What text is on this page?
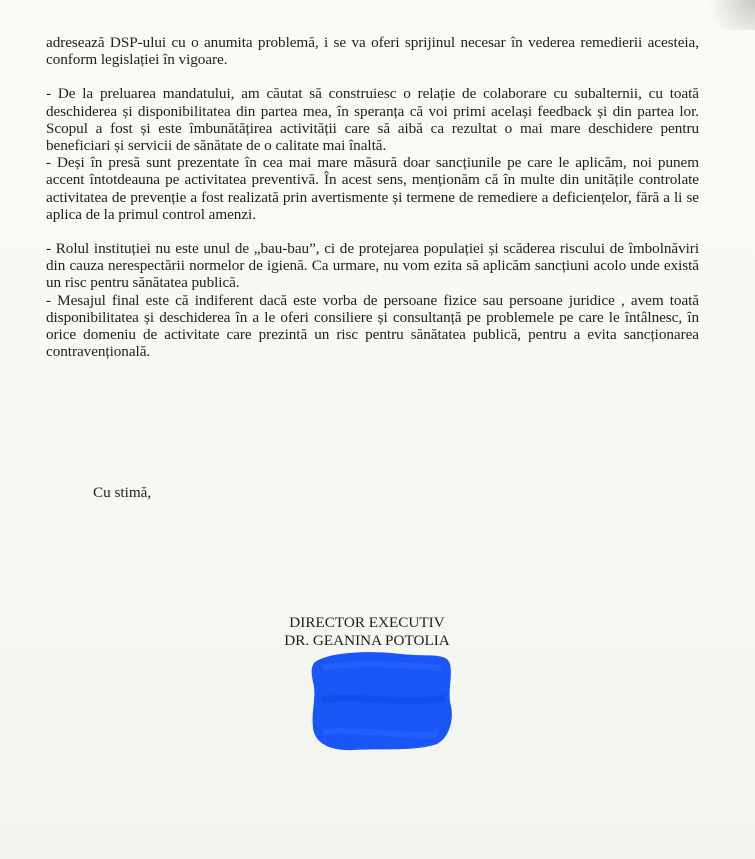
adresează DSP-ului cu o anumita problemă, i se va oferi sprijinul necesar în vederea remedierii acesteia, conform legislației în vigoare.

- De la preluarea mandatului, am căutat să construiesc o relație de colaborare cu subalternii, cu toată deschiderea și disponibilitatea din partea mea, în speranța că voi primi același feedback și din partea lor. Scopul a fost și este îmbunătățirea activității care să aibă ca rezultat o mai mare deschidere pentru beneficiari și servicii de sănătate de o calitate mai înaltă.

- Deși în presă sunt prezentate în cea mai mare măsură doar sancțiunile pe care le aplicăm, noi punem accent întotdeauna pe activitatea preventivă. În acest sens, menționăm că în multe din unitățile controlate activitatea de prevenție a fost realizată prin avertismente și termene de remediere a deficiențelor, fără a li se aplica de la primul control amenzi.

- Rolul instituției nu este unul de „bau-bau”, ci de protejarea populației și scăderea riscului de îmbolnăviri din cauza nerespectării normelor de igienă. Ca urmare, nu vom ezita să aplicăm sancțiuni acolo unde există un risc pentru sănătatea publică.

- Mesajul final este că indiferent dacă este vorba de persoane fizice sau persoane juridice , avem toată disponibilitatea și deschiderea în a le oferi consiliere și consultanță pe problemele pe care le întâlnesc, în orice domeniu de activitate care prezintă un risc pentru sănătatea publică, pentru a evita sancționarea contravențională.

Cu stimă,
DIRECTOR EXECUTIV
DR. GEANINA POTOLIA
